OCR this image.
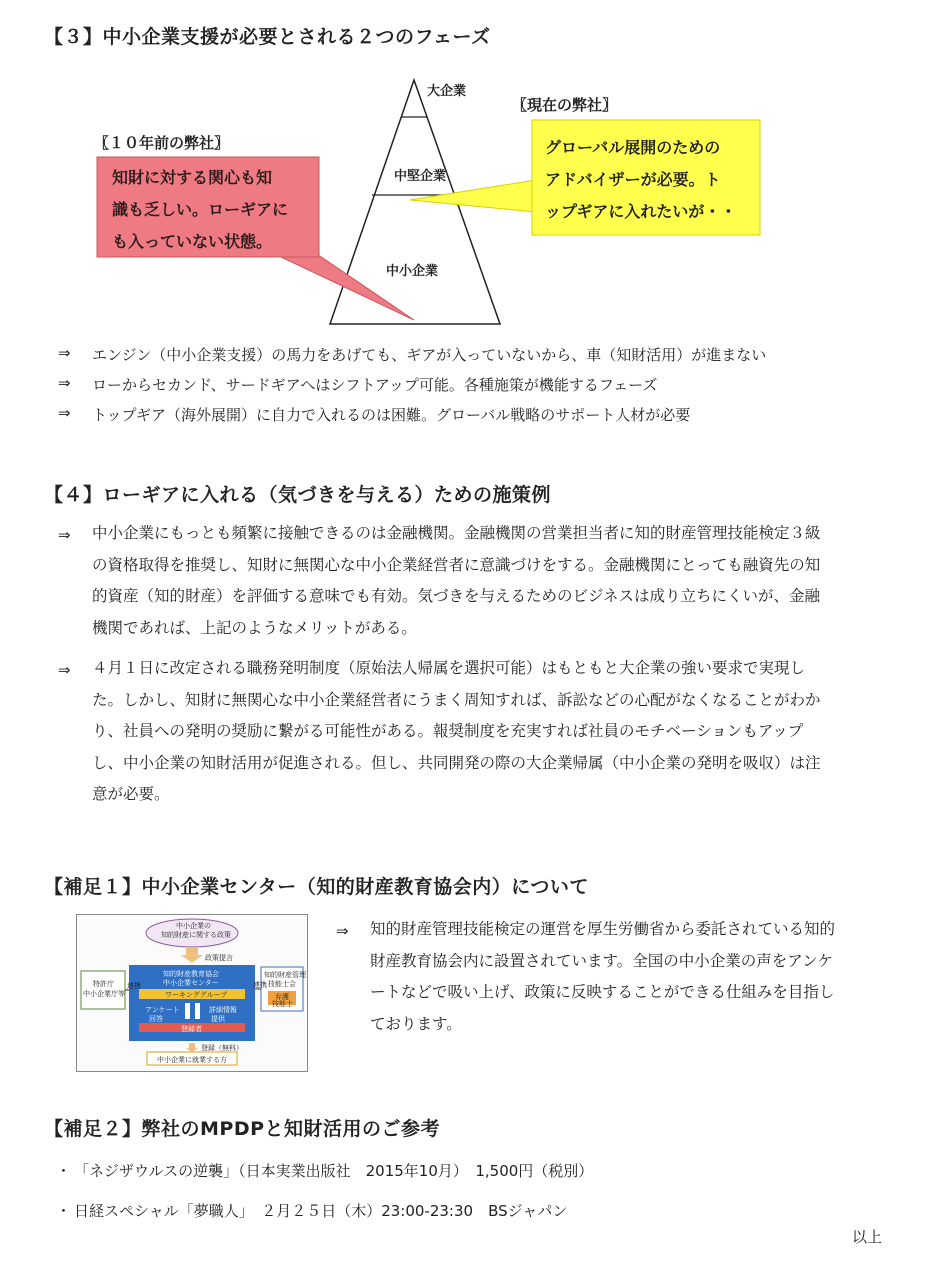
【３】中小企業支援が必要とされる２つのフェーズ
大企業
中堅企業
中小企業
〖１０年前の弊社〗
〖現在の弊社〗
知財に対する関心も知
識も乏しい。ローギアに
も入っていない状態。
グローバル展開のための
アドバイザーが必要。ト
ップギアに入れたいが・・
⇒ エンジン（中小企業支援）の馬力をあげても、ギアが入っていないから、車（知財活用）が進まない
⇒ ローからセカンド、サードギアへはシフトアップ可能。各種施策が機能するフェーズ
⇒ トップギア（海外展開）に自力で入れるのは困難。グローバル戦略のサポート人材が必要
【４】ローギアに入れる（気づきを与える）ための施策例
⇒ 中小企業にもっとも頻繁に接触できるのは金融機関。金融機関の営業担当者に知的財産管理技能検定３級
の資格取得を推奨し、知財に無関心な中小企業経営者に意識づけをする。金融機関にとっても融資先の知
的資産（知的財産）を評価する意味でも有効。気づきを与えるためのビジネスは成り立ちにくいが、金融
機関であれば、上記のようなメリットがある。
⇒ ４月１日に改定される職務発明制度（原始法人帰属を選択可能）はもともと大企業の強い要求で実現し
た。しかし、知財に無関心な中小企業経営者にうまく周知すれば、訴訟などの心配がなくなることがわか
り、社員への発明の奨励に繋がる可能性がある。報奨制度を充実すれば社員のモチベーションもアップ
し、中小企業の知財活用が促進される。但し、共同開発の際の大企業帰属（中小企業の発明を吸収）は注
意が必要。
【補足１】中小企業センター（知的財産教育協会内）について
中小企業の
知的財産に関する政策
政策提言
特許庁
中小企業庁等
連携	連携
知的財産教育協会
中小企業センター
ワーキンググループ
アンケート
回答
詳細情報
提供
登録者
知的財産管理
技能士会
弁護
技能士
登録（無料）
中小企業に就業する方
⇒ 知的財産管理技能検定の運営を厚生労働省から委託されている知的
財産教育協会内に設置されています。全国の中小企業の声をアンケ
ートなどで吸い上げ、政策に反映することができる仕組みを目指し
ております。
【補足２】弊社のMPDPと知財活用のご参考
・ 「ネジザウルスの逆襲」（日本実業出版社　2015年10月）　1,500円（税別）
・ 日経スペシャル「夢職人」　２月２５日（木）23:00-23:30　BSジャパン
以上
